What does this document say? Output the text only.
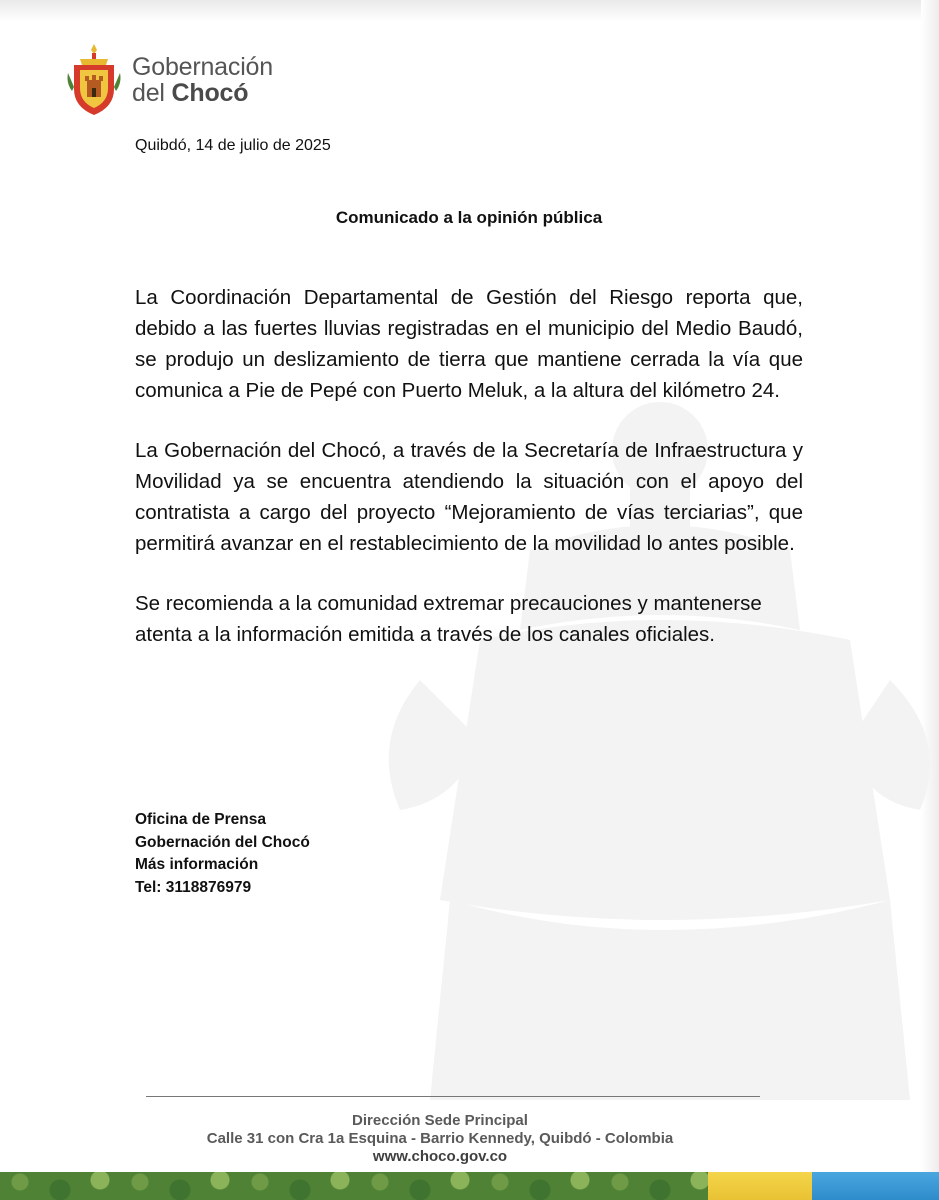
Gobernación
del Chocó
Quibdó, 14 de julio de 2025
Comunicado a la opinión pública

La Coordinación Departamental de Gestión del Riesgo reporta que, debido a las fuertes lluvias registradas en el municipio del Medio Baudó, se produjo un deslizamiento de tierra que mantiene cerrada la vía que comunica a Pie de Pepé con Puerto Meluk, a la altura del kilómetro 24.

La Gobernación del Chocó, a través de la Secretaría de Infraestructura y Movilidad ya se encuentra atendiendo la situación con el apoyo del contratista a cargo del proyecto “Mejoramiento de vías terciarias”, que permitirá avanzar en el restablecimiento de la movilidad lo antes posible.

Se recomienda a la comunidad extremar precauciones y mantenerse atenta a la información emitida a través de los canales oficiales.

Oficina de Prensa
Gobernación del Chocó
Más información
Tel: 3118876979
Dirección Sede Principal
Calle 31 con Cra 1a Esquina - Barrio Kennedy, Quibdó - Colombia
www.choco.gov.co
